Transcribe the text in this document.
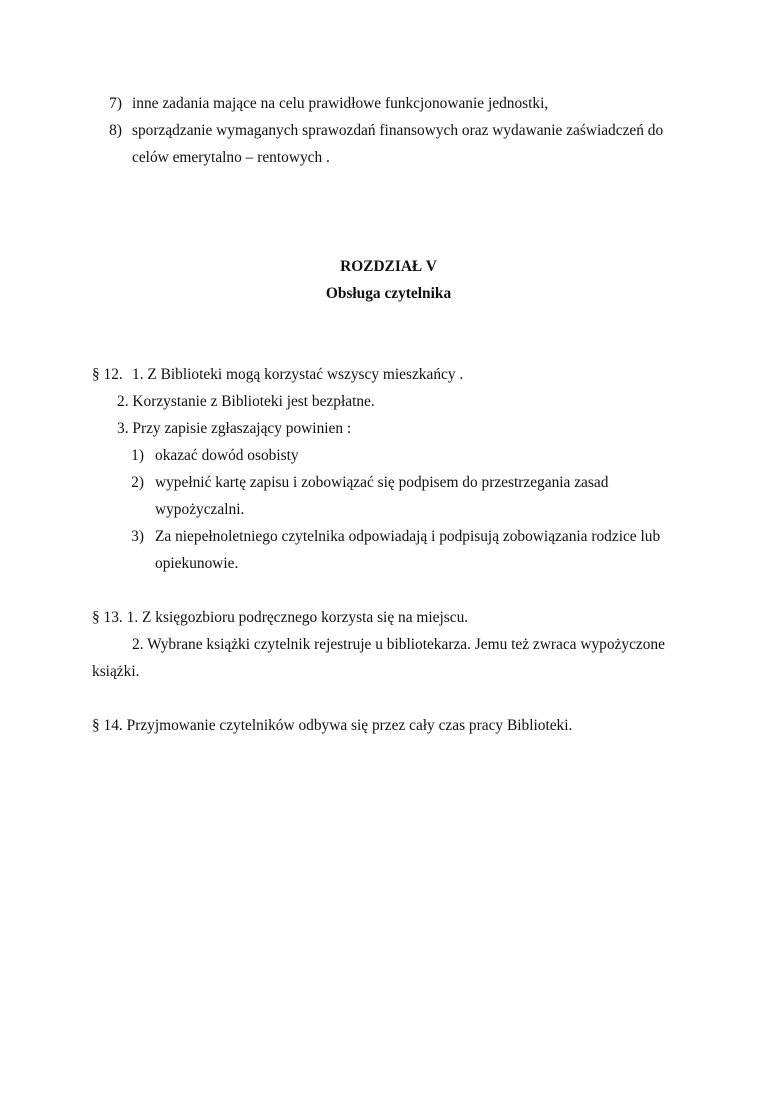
7) inne zadania mające na celu prawidłowe funkcjonowanie jednostki,
8) sporządzanie wymaganych sprawozdań finansowych oraz wydawanie zaświadczeń do
celów emerytalno – rentowych .
ROZDZIAŁ V
Obsługa czytelnika
§ 12. 1. Z Biblioteki mogą korzystać wszyscy mieszkańcy .
2. Korzystanie z Biblioteki jest bezpłatne.
3. Przy zapisie zgłaszający powinien :
1) okazać dowód osobisty
2) wypełnić kartę zapisu i zobowiązać się podpisem do przestrzegania zasad
wypożyczalni.
3) Za niepełnoletniego czytelnika odpowiadają i podpisują zobowiązania rodzice lub
opiekunowie.
§ 13. 1. Z księgozbioru podręcznego korzysta się na miejscu.
2. Wybrane książki czytelnik rejestruje u bibliotekarza. Jemu też zwraca wypożyczone
książki.
§ 14. Przyjmowanie czytelników odbywa się przez cały czas pracy Biblioteki.
